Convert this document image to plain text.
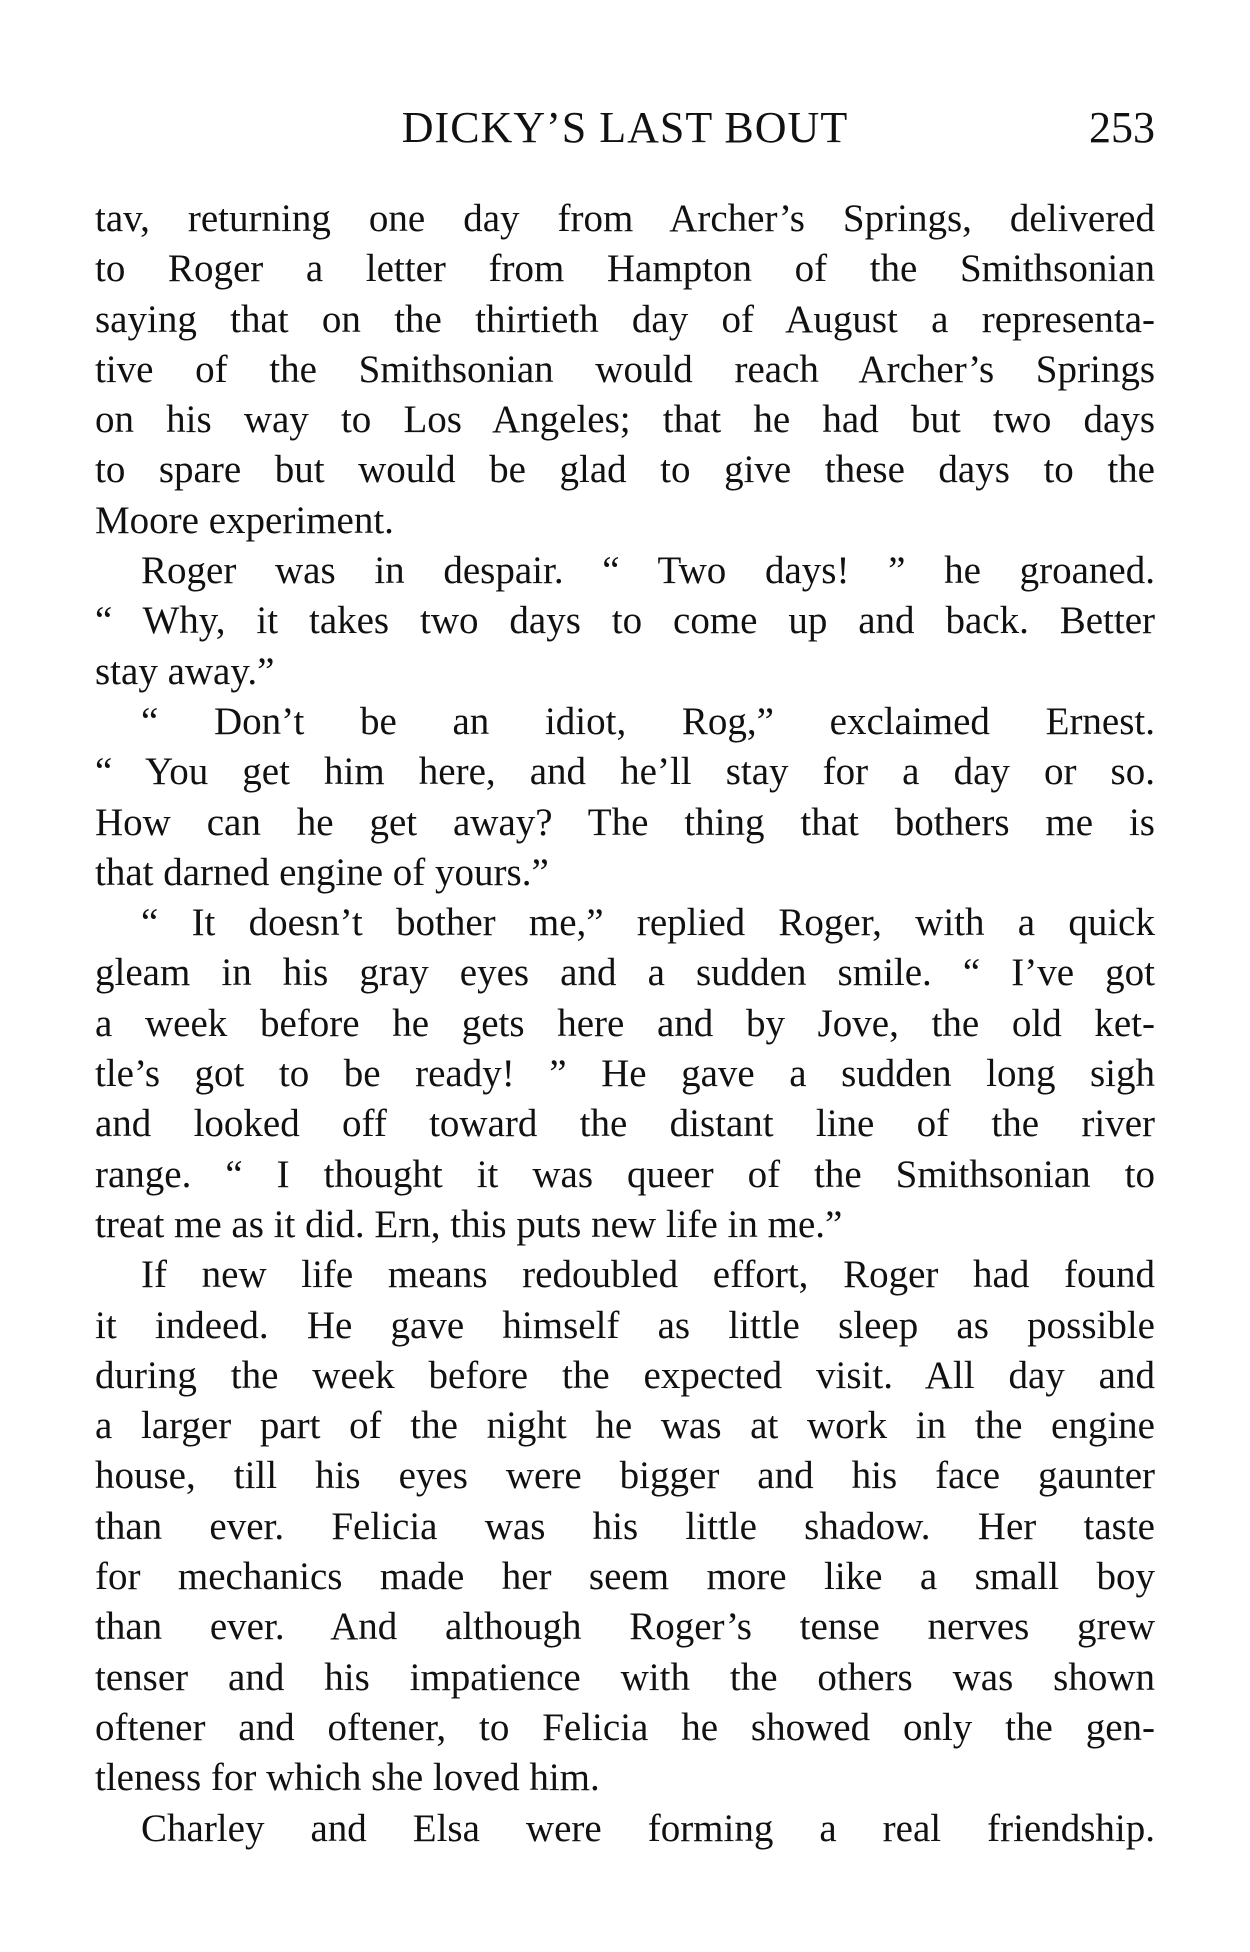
DICKY’S LAST BOUT	253
tav, returning one day from Archer’s Springs, delivered
to Roger a letter from Hampton of the Smithsonian
saying that on the thirtieth day of August a representa-
tive of the Smithsonian would reach Archer’s Springs
on his way to Los Angeles; that he had but two days
to spare but would be glad to give these days to the
Moore experiment.
Roger was in despair. “ Two days! ” he groaned.
“ Why, it takes two days to come up and back. Better
stay away.”
“ Don’t be an idiot, Rog,” exclaimed Ernest.
“ You get him here, and he’ll stay for a day or so.
How can he get away? The thing that bothers me is
that darned engine of yours.”
“ It doesn’t bother me,” replied Roger, with a quick
gleam in his gray eyes and a sudden smile. “ I’ve got
a week before he gets here and by Jove, the old ket-
tle’s got to be ready! ” He gave a sudden long sigh
and looked off toward the distant line of the river
range. “ I thought it was queer of the Smithsonian to
treat me as it did. Ern, this puts new life in me.”
If new life means redoubled effort, Roger had found
it indeed. He gave himself as little sleep as possible
during the week before the expected visit. All day and
a larger part of the night he was at work in the engine
house, till his eyes were bigger and his face gaunter
than ever. Felicia was his little shadow. Her taste
for mechanics made her seem more like a small boy
than ever. And although Roger’s tense nerves grew
tenser and his impatience with the others was shown
oftener and oftener, to Felicia he showed only the gen-
tleness for which she loved him.
Charley and Elsa were forming a real friendship.
